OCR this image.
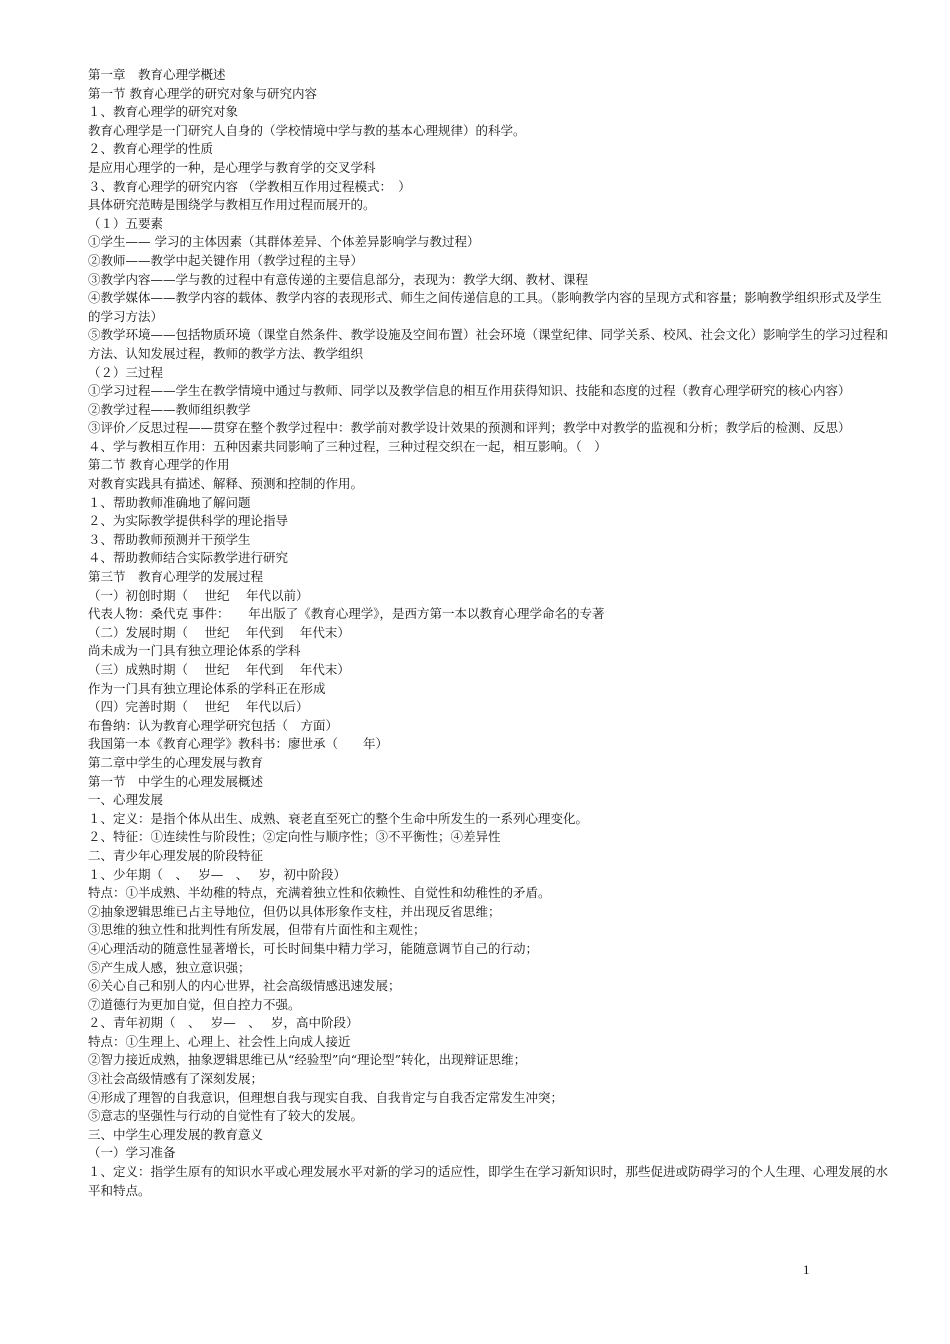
第一章　教育心理学概述

第一节 教育心理学的研究对象与研究内容

１、教育心理学的研究对象

教育心理学是一门研究人自身的（学校情境中学与教的基本心理规律）的科学。

２、教育心理学的性质

是应用心理学的一种，是心理学与教育学的交叉学科

３、教育心理学的研究内容 （学教相互作用过程模式：　）

具体研究范畴是围绕学与教相互作用过程而展开的。

（１）五要素

①学生—— 学习的主体因素（其群体差异、个体差异影响学与教过程）

②教师——教学中起关键作用（教学过程的主导）

③教学内容——学与教的过程中有意传递的主要信息部分，表现为：教学大纲、教材、课程

④教学媒体——教学内容的载体、教学内容的表现形式、师生之间传递信息的工具。（影响教学内容的呈现方式和容量；影响教学组织形式及学生的学习方法）

⑤教学环境——包括物质环境（课堂自然条件、教学设施及空间布置）社会环境（课堂纪律、同学关系、校风、社会文化）影响学生的学习过程和方法、认知发展过程，教师的教学方法、教学组织

（２）三过程

①学习过程——学生在教学情境中通过与教师、同学以及教学信息的相互作用获得知识、技能和态度的过程（教育心理学研究的核心内容）

②教学过程——教师组织教学

③评价／反思过程——贯穿在整个教学过程中：教学前对教学设计效果的预测和评判；教学中对教学的监视和分析；教学后的检测、反思）

４、学与教相互作用：五种因素共同影响了三种过程，三种过程交织在一起，相互影响。（　）

第二节 教育心理学的作用

对教育实践具有描述、解释、预测和控制的作用。

１、帮助教师准确地了解问题

２、为实际教学提供科学的理论指导

３、帮助教师预测并干预学生

４、帮助教师结合实际教学进行研究

第三节　教育心理学的发展过程

（一）初创时期（　 世纪　 年代以前）

代表人物：桑代克 事件：　　年出版了《教育心理学》，是西方第一本以教育心理学命名的专著

（二）发展时期（　 世纪　 年代到　 年代末）

尚未成为一门具有独立理论体系的学科

（三）成熟时期（　 世纪　 年代到　 年代末）

作为一门具有独立理论体系的学科正在形成

（四）完善时期（　 世纪　 年代以后）

布鲁纳：认为教育心理学研究包括（　方面）

我国第一本《教育心理学》教科书：廖世承（　　年）

第二章中学生的心理发展与教育

第一节　中学生的心理发展概述

一、心理发展

１、定义：是指个体从出生、成熟、衰老直至死亡的整个生命中所发生的一系列心理变化。

２、特征：①连续性与阶段性；②定向性与顺序性；③不平衡性；④差异性

二、青少年心理发展的阶段特征

１、少年期（　、　 岁—　、　 岁，初中阶段）

特点：①半成熟、半幼稚的特点，充满着独立性和依赖性、自觉性和幼稚性的矛盾。

②抽象逻辑思维已占主导地位，但仍以具体形象作支柱，并出现反省思维；

③思维的独立性和批判性有所发展，但带有片面性和主观性；

④心理活动的随意性显著增长，可长时间集中精力学习，能随意调节自己的行动；

⑤产生成人感，独立意识强；

⑥关心自己和别人的内心世界，社会高级情感迅速发展；

⑦道德行为更加自觉，但自控力不强。

２、青年初期（　、　 岁—　、　 岁，高中阶段）

特点：①生理上、心理上、社会性上向成人接近

②智力接近成熟，抽象逻辑思维已从“经验型”向“理论型”转化，出现辩证思维；

③社会高级情感有了深刻发展；

④形成了理智的自我意识，但理想自我与现实自我、自我肯定与自我否定常发生冲突；

⑤意志的坚强性与行动的自觉性有了较大的发展。

三、中学生心理发展的教育意义

（一）学习准备

１、定义：指学生原有的知识水平或心理发展水平对新的学习的适应性，即学生在学习新知识时，那些促进或防碍学习的个人生理、心理发展的水平和特点。

1
